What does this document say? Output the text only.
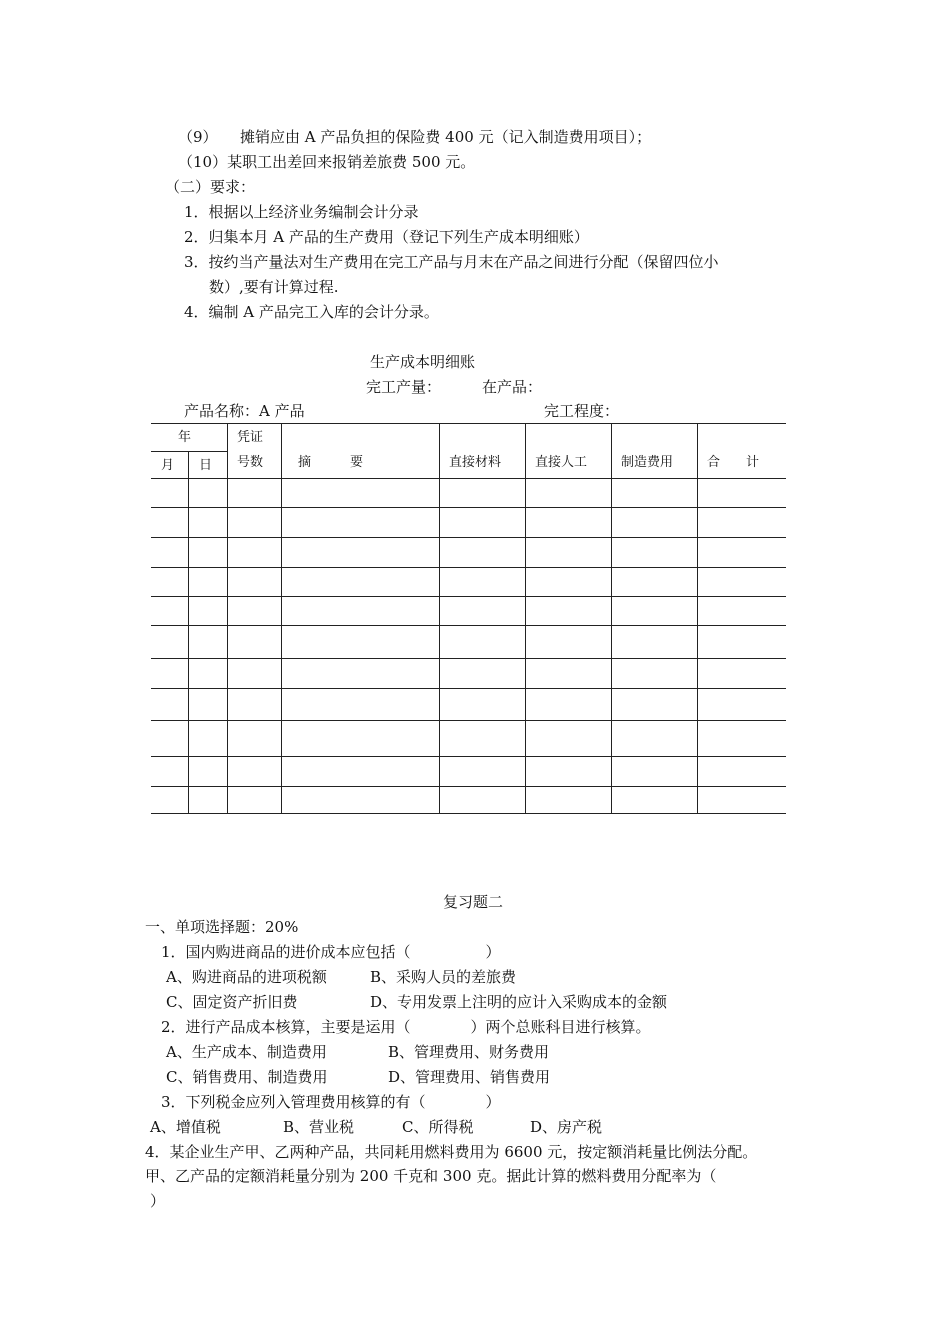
（9）　　摊销应由 A 产品负担的保险费 400 元（记入制造费用项目）；
（10）某职工出差回来报销差旅费 500 元。
（二）要求：
1．根据以上经济业务编制会计分录
2．归集本月 A 产品的生产费用（登记下列生产成本明细账）
3．按约当产量法对生产费用在完工产品与月末在产品之间进行分配（保留四位小
数）,要有计算过程.
4．编制 A 产品完工入库的会计分录。
生产成本明细账
完工产量：	在产品：
产品名称：A 产品	完工程度：
年
月 日
凭证
号数	摘　　　要	直接材料	直接人工	制造费用	合　　计
复习题二
一、单项选择题：20%
1．国内购进商品的进价成本应包括（　　　　　）
A、购进商品的进项税额	B、采购人员的差旅费
C、固定资产折旧费	D、专用发票上注明的应计入采购成本的金额
2．进行产品成本核算，主要是运用（　　　　）两个总账科目进行核算。
A、生产成本、制造费用	B、管理费用、财务费用
C、销售费用、制造费用	D、管理费用、销售费用
3．下列税金应列入管理费用核算的有（　　　　）
A、增值税	B、营业税	C、所得税	D、房产税
4．某企业生产甲、乙两种产品，共同耗用燃料费用为 6600 元，按定额消耗量比例法分配。
甲、乙产品的定额消耗量分别为 200 千克和 300 克。据此计算的燃料费用分配率为（
）
